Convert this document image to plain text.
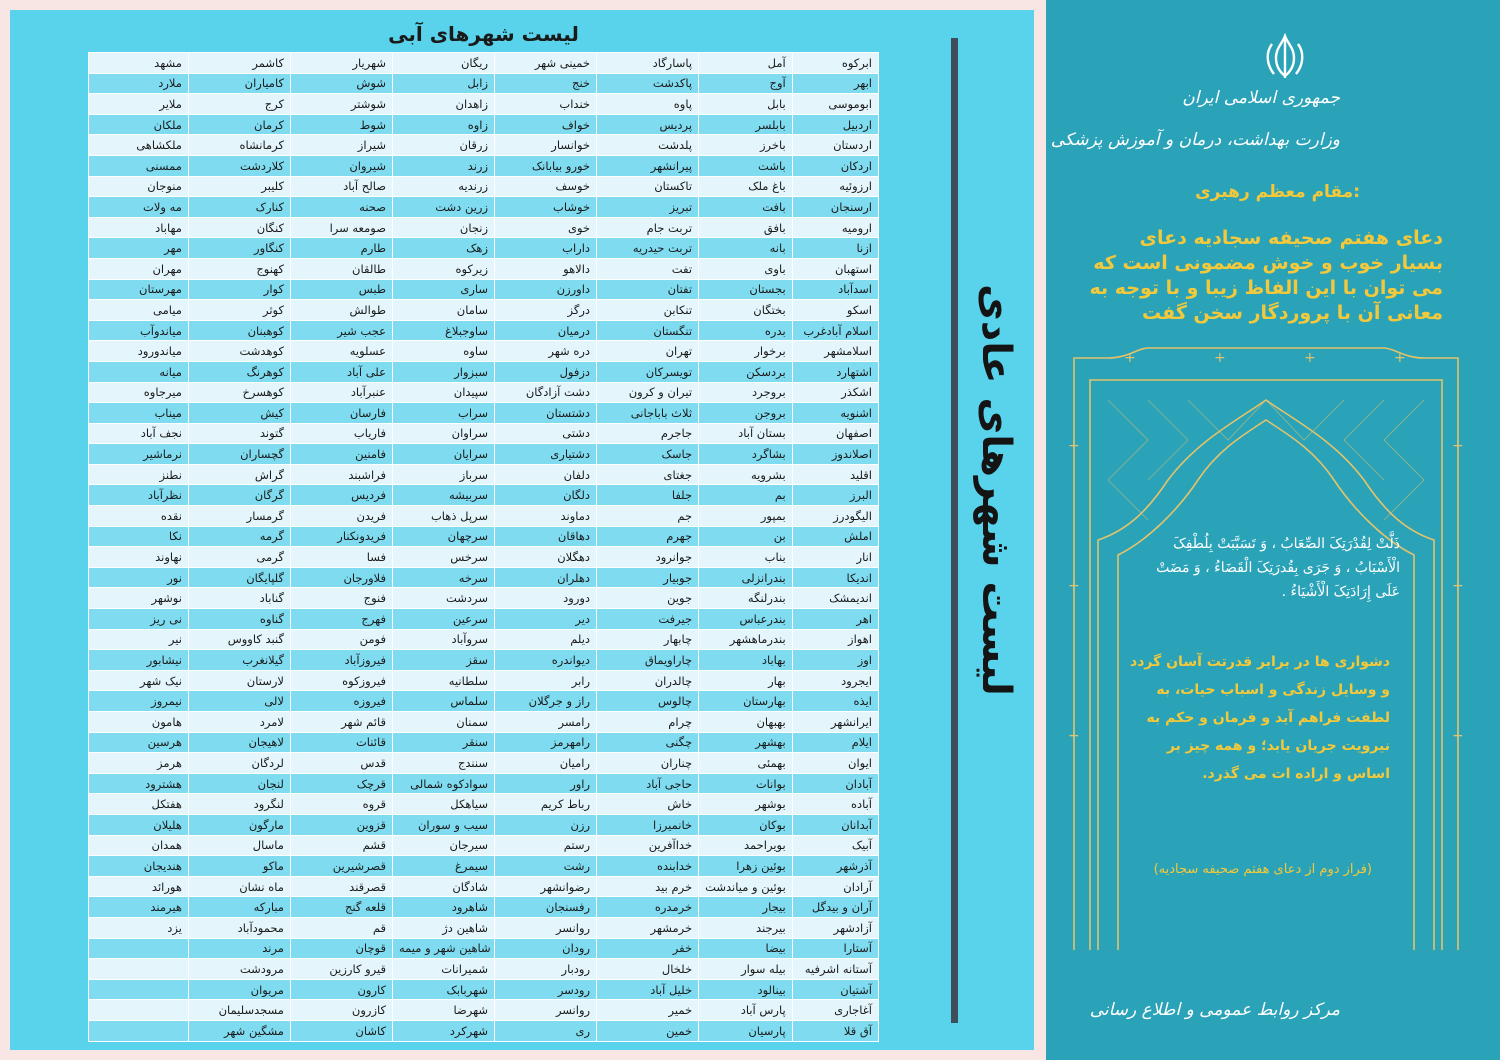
لیست شهرهای عادی
لیست شهرهای آبی
مشهد	کاشمر	شهریار	ریگان	خمینی شهر	پاسارگاد	آمل	ابرکوه
ملارد	کامیاران	شوش	زابل	خنج	پاکدشت	آوج	ابهر
ملایر	کرج	شوشتر	زاهدان	خنداب	پاوه	بابل	ابوموسی
ملکان	کرمان	شوط	زاوه	خواف	پردیس	بابلسر	اردبیل
ملکشاهی	کرمانشاه	شیراز	زرقان	خوانسار	پلدشت	باخرز	اردستان
ممسنی	کلاردشت	شیروان	زرند	خورو بیابانک	پیرانشهر	باشت	اردکان
منوجان	کلیبر	صالح آباد	زرندیه	خوسف	تاکستان	باغ ملک	ارزوئیه
مه ولات	کنارک	صحنه	زرین دشت	خوشاب	تبریز	بافت	ارسنجان
مهاباد	کنگان	صومعه سرا	زنجان	خوی	تربت جام	بافق	ارومیه
مهر	کنگاور	طارم	زهک	داراب	تربت حیدریه	بانه	ازنا
مهران	کهنوج	طالقان	زیرکوه	دالاهو	تفت	باوی	استهبان
مهرستان	کوار	طبس	ساری	داورزن	تفتان	بجستان	اسدآباد
میامی	کوثر	طوالش	سامان	درگز	تنکابن	بختگان	اسکو
میاندوآب	کوهبنان	عجب شیر	ساوجبلاغ	درمیان	تنگستان	بدره	اسلام آبادغرب
میاندورود	کوهدشت	عسلویه	ساوه	دره شهر	تهران	برخوار	اسلامشهر
میانه	کوهرنگ	علی آباد	سبزوار	دزفول	تویسرکان	بردسکن	اشتهارد
میرجاوه	کوهسرخ	عنبرآباد	سپیدان	دشت آزادگان	تیران و کرون	بروجرد	اشکذر
میناب	کیش	فارسان	سراب	دشتستان	ثلاث باباجانی	بروجن	اشنویه
نجف آباد	گتوند	فاریاب	سراوان	دشتی	جاجرم	بستان آباد	اصفهان
نرماشیر	گچساران	فامنین	سرایان	دشتیاری	جاسک	بشاگرد	اصلاندوز
نطنز	گراش	فراشبند	سرباز	دلفان	جغتای	بشرویه	اقلید
نظرآباد	گرگان	فردیس	سربیشه	دلگان	جلفا	بم	البرز
نقده	گرمسار	فریدن	سرپل ذهاب	دماوند	جم	بمپور	الیگودرز
نکا	گرمه	فریدونکنار	سرچهان	دهاقان	جهرم	بن	املش
نهاوند	گرمی	فسا	سرخس	دهگلان	جوانرود	بناب	انار
نور	گلپایگان	فلاورجان	سرخه	دهلران	جوبیار	بندرانزلی	اندیکا
نوشهر	گناباد	فنوج	سردشت	دورود	جوین	بندرلنگه	اندیمشک
نی ریز	گناوه	فهرج	سرعین	دیر	جیرفت	بندرعباس	اهر
نیر	گنبد کاووس	فومن	سروآباد	دیلم	چابهار	بندرماهشهر	اهواز
نیشابور	گیلانغرب	فیروزآباد	سقز	دیواندره	چاراویماق	بهاباد	اوز
نیک شهر	لارستان	فیروزکوه	سلطانیه	رابر	چالدران	بهار	ایجرود
نیمروز	لالی	فیروزه	سلماس	راز و جرگلان	چالوس	بهارستان	ایذه
هامون	لامرد	قائم شهر	سمنان	رامسر	چرام	بهبهان	ایرانشهر
هرسین	لاهیجان	قائنات	سنقر	رامهرمز	چگنی	بهشهر	ایلام
هرمز	لردگان	قدس	سنندج	رامیان	چناران	بهمئی	ایوان
هشترود	لنجان	قرچک	سوادکوه شمالی	راور	حاجی آباد	بوانات	آبادان
هفتکل	لنگرود	قروه	سیاهکل	رباط کریم	خاش	بوشهر	آباده
هلیلان	مارگون	قزوین	سیب و سوران	رزن	خانمیرزا	بوکان	آبدانان
همدان	ماسال	قشم	سیرجان	رستم	خداآفرین	بویراحمد	آبیک
هندیجان	ماکو	قصرشیرین	سیمرغ	رشت	خدابنده	بوئین زهرا	آذرشهر
هورائد	ماه نشان	قصرقند	شادگان	رضوانشهر	خرم بید	بوئین و میاندشت	آرادان
هیرمند	مبارکه	قلعه گنج	شاهرود	رفسنجان	خرمدره	بیجار	آران و بیدگل
یزد	محمودآباد	قم	شاهین دژ	روانسر	خرمشهر	بیرجند	آزادشهر
	مرند	قوچان	شاهین شهر و میمه	رودان	خفر	بیضا	آستارا
	مرودشت	قیرو کارزین	شمیرانات	رودبار	خلخال	بیله سوار	آستانه اشرفیه
	مریوان	کارون	شهربابک	رودسر	خلیل آباد	بینالود	آشتیان
	مسجدسلیمان	کازرون	شهرضا	روانسر	خمیر	پارس آباد	آغاجاری
	مشگین شهر	کاشان	شهرکرد	ری	خمین	پارسیان	آق قلا
جمهوری اسلامی ایران
وزارت بهداشت، درمان و آموزش پزشکی
مقام معظم رهبری:
دعای هفتم صحیفه سجادیه دعای بسیار خوب و خوش مضمونی است که می توان با این الفاظ زیبا و با توجه به معانی آن با پروردگار سخن گفت
+	+	+	+
+
+
+
+
+
+
ذَلَّتْ لِقُدْرَتِکَ الصِّعَابُ ، وَ تَسَبَّبَتْ بِلُطْفِکَ الْأَسْبَابُ ، وَ جَرَی بِقُدرَتِکَ الْقَضَاءُ ، وَ مَضَتْ عَلَی إِرَادَتِکَ الْأَشْیَاءُ .
دشواری ها در برابر قدرتت آسان گردد و وسایل زندگی و اسباب حیات، به لطفت فراهم آید و فرمان و حکم به نیرویت جریان یابد؛ و همه چیز بر اساس و اراده ات می گذرد.
(فراز دوم از دعای هفتم صحیفه سجادیه)
مرکز روابط عمومی و اطلاع رسانی
